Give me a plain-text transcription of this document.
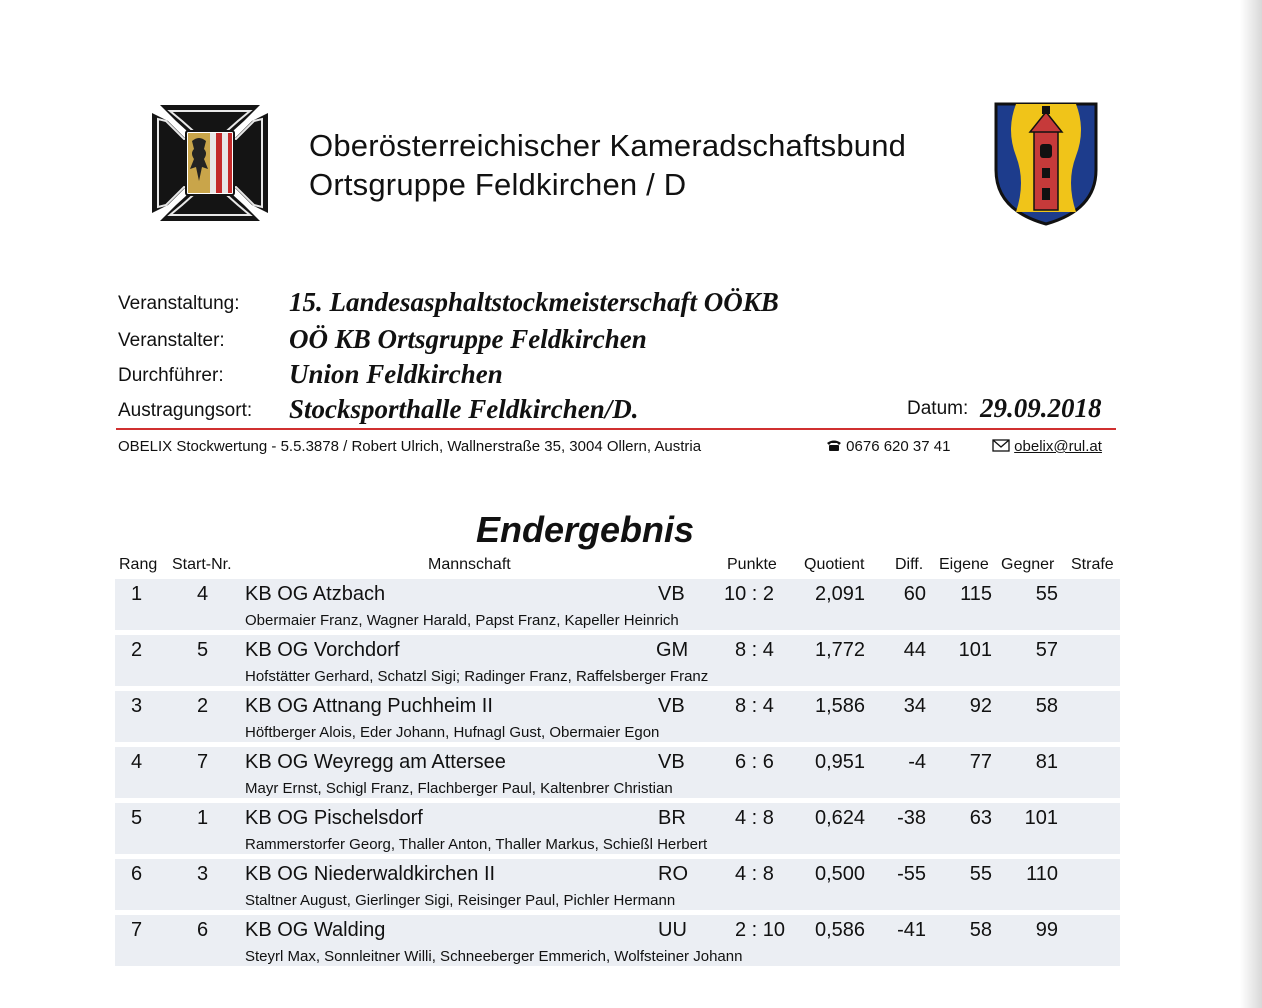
Oberösterreichischer Kameradschaftsbund
Ortsgruppe Feldkirchen / D
Veranstaltung: 15. Landesasphaltstockmeisterschaft OÖKB
Veranstalter: OÖ KB Ortsgruppe Feldkirchen
Durchführer: Union Feldkirchen
Austragungsort: Stocksporthalle Feldkirchen/D.	Datum: 29.09.2018
OBELIX Stockwertung - 5.5.3878 / Robert Ulrich, Wallnerstraße 35, 3004 Ollern, Austria	0676 620 37 41	obelix@rul.at
Endergebnis
Rang Start-Nr.	Mannschaft	Punkte Quotient Diff. Eigene Gegner Strafe
1	4 KB OG Atzbach	VB 10 : 2 2,091	60	115	55
Obermaier Franz, Wagner Harald, Papst Franz, Kapeller Heinrich
2	5 KB OG Vorchdorf	GM 8 : 4 1,772	44	101	57
Hofstätter Gerhard, Schatzl Sigi; Radinger Franz, Raffelsberger Franz
3	2 KB OG Attnang Puchheim II	VB	8 : 4 1,586	34	92	58
Höftberger Alois, Eder Johann, Hufnagl Gust, Obermaier Egon
4	7 KB OG Weyregg am Attersee	VB	6 : 6 0,951	-4	77	81
Mayr Ernst, Schigl Franz, Flachberger Paul, Kaltenbrer Christian
5	1 KB OG Pischelsdorf	BR 4 : 8 0,624	-38	63	101
Rammerstorfer Georg, Thaller Anton, Thaller Markus, Schießl Herbert
6	3 KB OG Niederwaldkirchen II	RO 4 : 8 0,500	-55	55	110
Staltner August, Gierlinger Sigi, Reisinger Paul, Pichler Hermann
7	6 KB OG Walding	UU 2 : 10 0,586	-41	58	99
Steyrl Max, Sonnleitner Willi, Schneeberger Emmerich, Wolfsteiner Johann
